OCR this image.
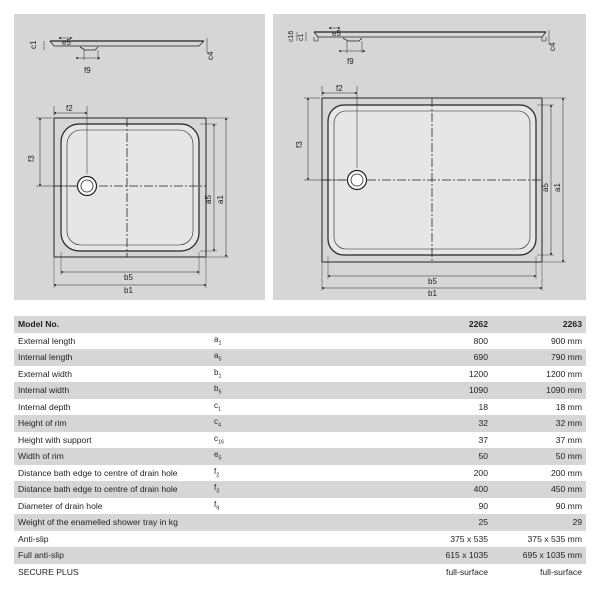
c1	e5
f9
c4
f2
f3
a5 a1
b5
b1
c16 c1	e5
f9
c4
f2
f3
a5 a1
b5
b1
Model No.		2262	2263
External length	$a_1$	800	900 mm
Internal length	$a_5$	690	790 mm
External width	$b_1$	1200	1200 mm
Internal width	$b_5$	1090	1090 mm
Internal depth	$c_1$	18	18 mm
Height of rim	$c_4$	32	32 mm
Height with support	$c_{16}$	37	37 mm
Width of rim	$e_5$	50	50 mm
Distance bath edge to centre of drain hole	$f_2$	200	200 mm
Distance bath edge to centre of drain hole	$f_3$	400	450 mm
Diameter of drain hole	$f_9$	90	90 mm
Weight of the enamelled shower tray in kg		25	29
Anti-slip		375 x 535	375 x 535 mm
Full anti-slip		615 x 1035	695 x 1035 mm
SECURE PLUS		full-surface	full-surface
